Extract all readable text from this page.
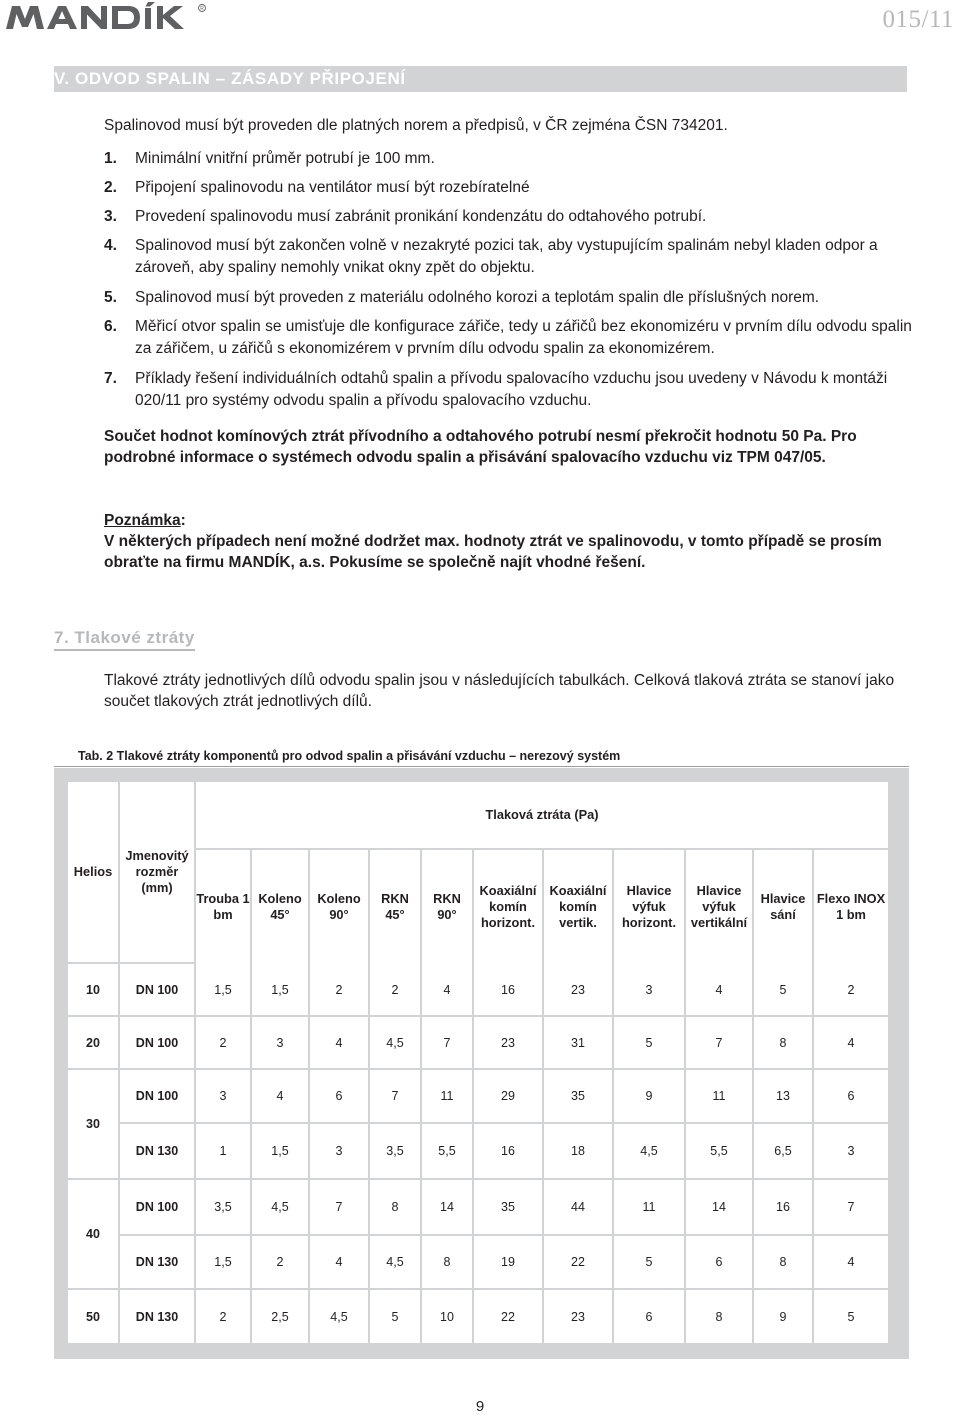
R	015/11
V. ODVOD SPALIN – ZÁSADY PŘIPOJENÍ
Spalinovod musí být proveden dle platných norem a předpisů, v ČR zejména ČSN 734201.
1. Minimální vnitřní průměr potrubí je 100 mm.
2. Připojení spalinovodu na ventilátor musí být rozebíratelné
3. Provedení spalinovodu musí zabránit pronikání kondenzátu do odtahového potrubí.
4. Spalinovod musí být zakončen volně v nezakryté pozici tak, aby vystupujícím spalinám nebyl kladen odpor a zároveň, aby spaliny nemohly vnikat okny zpět do objektu.
5. Spalinovod musí být proveden z materiálu odolného korozi a teplotám spalin dle příslušných norem.
6. Měřicí otvor spalin se umisťuje dle konfigurace zářiče, tedy u zářičů bez ekonomizéru v prvním dílu odvodu spalin za zářičem, u zářičů s ekonomizérem v prvním dílu odvodu spalin za ekonomizérem.
7. Příklady řešení individuálních odtahů spalin a přívodu spalovacího vzduchu jsou uvedeny v Návodu k montáži 020/11 pro systémy odvodu spalin a přívodu spalovacího vzduchu.
Součet hodnot komínových ztrát přívodního a odtahového potrubí nesmí překročit hodnotu 50 Pa. Pro podrobné informace o systémech odvodu spalin a přisávání spalovacího vzduchu viz TPM 047/05.
Poznámka:
V některých případech není možné dodržet max. hodnoty ztrát ve spalinovodu, v tomto případě se prosím obraťte na firmu MANDÍK, a.s. Pokusíme se společně najít vhodné řešení.
7. Tlakové ztráty
Tlakové ztráty jednotlivých dílů odvodu spalin jsou v následujících tabulkách. Celková tlaková ztráta se stanoví jako součet tlakových ztrát jednotlivých dílů.
Tab. 2 Tlakové ztráty komponentů pro odvod spalin a přisávání vzduchu – nerezový systém
Helios	Jmenovitý rozměr (mm)	Tlaková ztráta (Pa)										
		Trouba 1 bm	Koleno 45°	Koleno 90°	RKN 45°	RKN 90°	Koaxiální komín horizont.	Koaxiální komín vertik.	Hlavice výfuk horizont.	Hlavice výfuk vertikální	Hlavice sání	Flexo INOX 1 bm
10	DN 100	1,5	1,5	2	2	4	16	23	3	4	5	2
20	DN 100	2	3	4	4,5	7	23	31	5	7	8	4
30	DN 100	3	4	6	7	11	29	35	9	11	13	6
	DN 130	1	1,5	3	3,5	5,5	16	18	4,5	5,5	6,5	3
40	DN 100	3,5	4,5	7	8	14	35	44	11	14	16	7
	DN 130	1,5	2	4	4,5	8	19	22	5	6	8	4
50	DN 130	2	2,5	4,5	5	10	22	23	6	8	9	5
9
